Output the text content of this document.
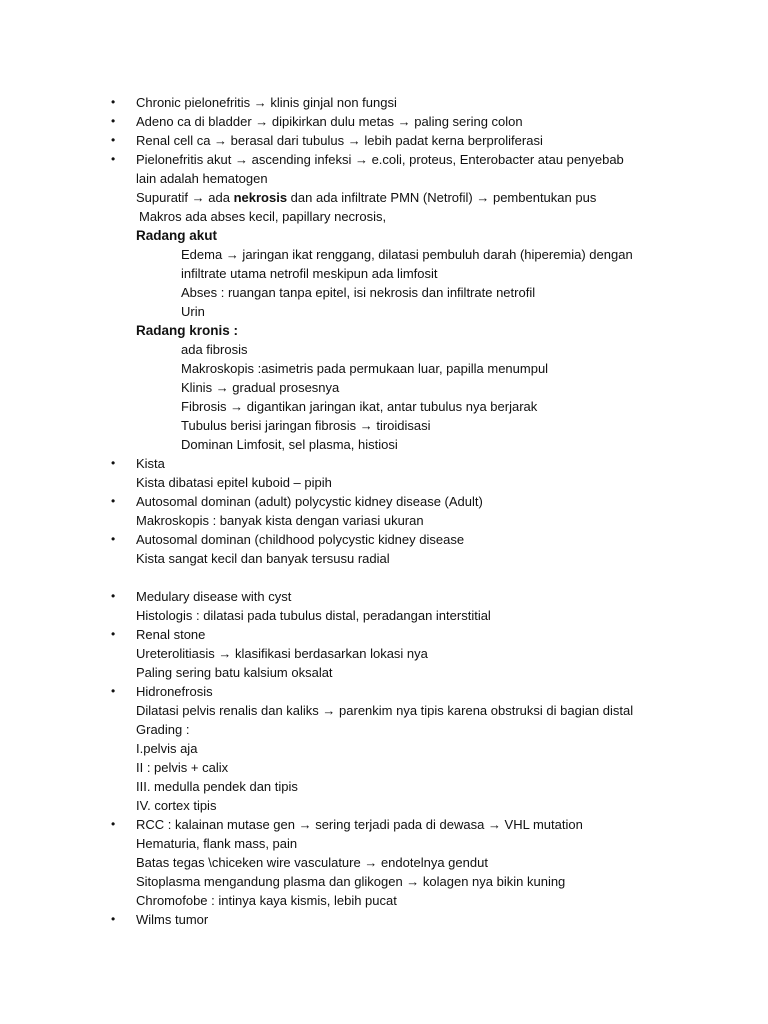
•	Chronic pielonefritis → klinis ginjal non fungsi
•	Adeno ca di bladder → dipikirkan dulu metas → paling sering colon
•	Renal cell ca → berasal dari tubulus → lebih padat kerna berproliferasi
•	Pielonefritis akut → ascending infeksi → e.coli, proteus, Enterobacter atau penyebab
lain adalah hematogen
Supuratif → ada nekrosis dan ada infiltrate PMN (Netrofil) → pembentukan pus
Makros ada abses kecil, papillary necrosis,
Radang akut
Edema → jaringan ikat renggang, dilatasi pembuluh darah (hiperemia) dengan
infiltrate utama netrofil meskipun ada limfosit
Abses : ruangan tanpa epitel, isi nekrosis dan infiltrate netrofil
Urin
Radang kronis :
ada fibrosis
Makroskopis :asimetris pada permukaan luar, papilla menumpul
Klinis → gradual prosesnya
Fibrosis → digantikan jaringan ikat, antar tubulus nya berjarak
Tubulus berisi jaringan fibrosis → tiroidisasi
Dominan Limfosit, sel plasma, histiosi
•	Kista
Kista dibatasi epitel kuboid – pipih
•	Autosomal dominan (adult) polycystic kidney disease (Adult)
Makroskopis : banyak kista dengan variasi ukuran
•	Autosomal dominan (childhood polycystic kidney disease
Kista sangat kecil dan banyak tersusu radial
•	Medulary disease with cyst
Histologis : dilatasi pada tubulus distal, peradangan interstitial
•	Renal stone
Ureterolitiasis → klasifikasi berdasarkan lokasi nya
Paling sering batu kalsium oksalat
•	Hidronefrosis
Dilatasi pelvis renalis dan kaliks → parenkim nya tipis karena obstruksi di bagian distal
Grading :
I.pelvis aja
II : pelvis + calix
III. medulla pendek dan tipis
IV. cortex tipis
•	RCC : kalainan mutase gen → sering terjadi pada di dewasa → VHL mutation
Hematuria, flank mass, pain
Batas tegas \chiceken wire vasculature → endotelnya gendut
Sitoplasma mengandung plasma dan glikogen → kolagen nya bikin kuning
Chromofobe : intinya kaya kismis, lebih pucat
•	Wilms tumor
